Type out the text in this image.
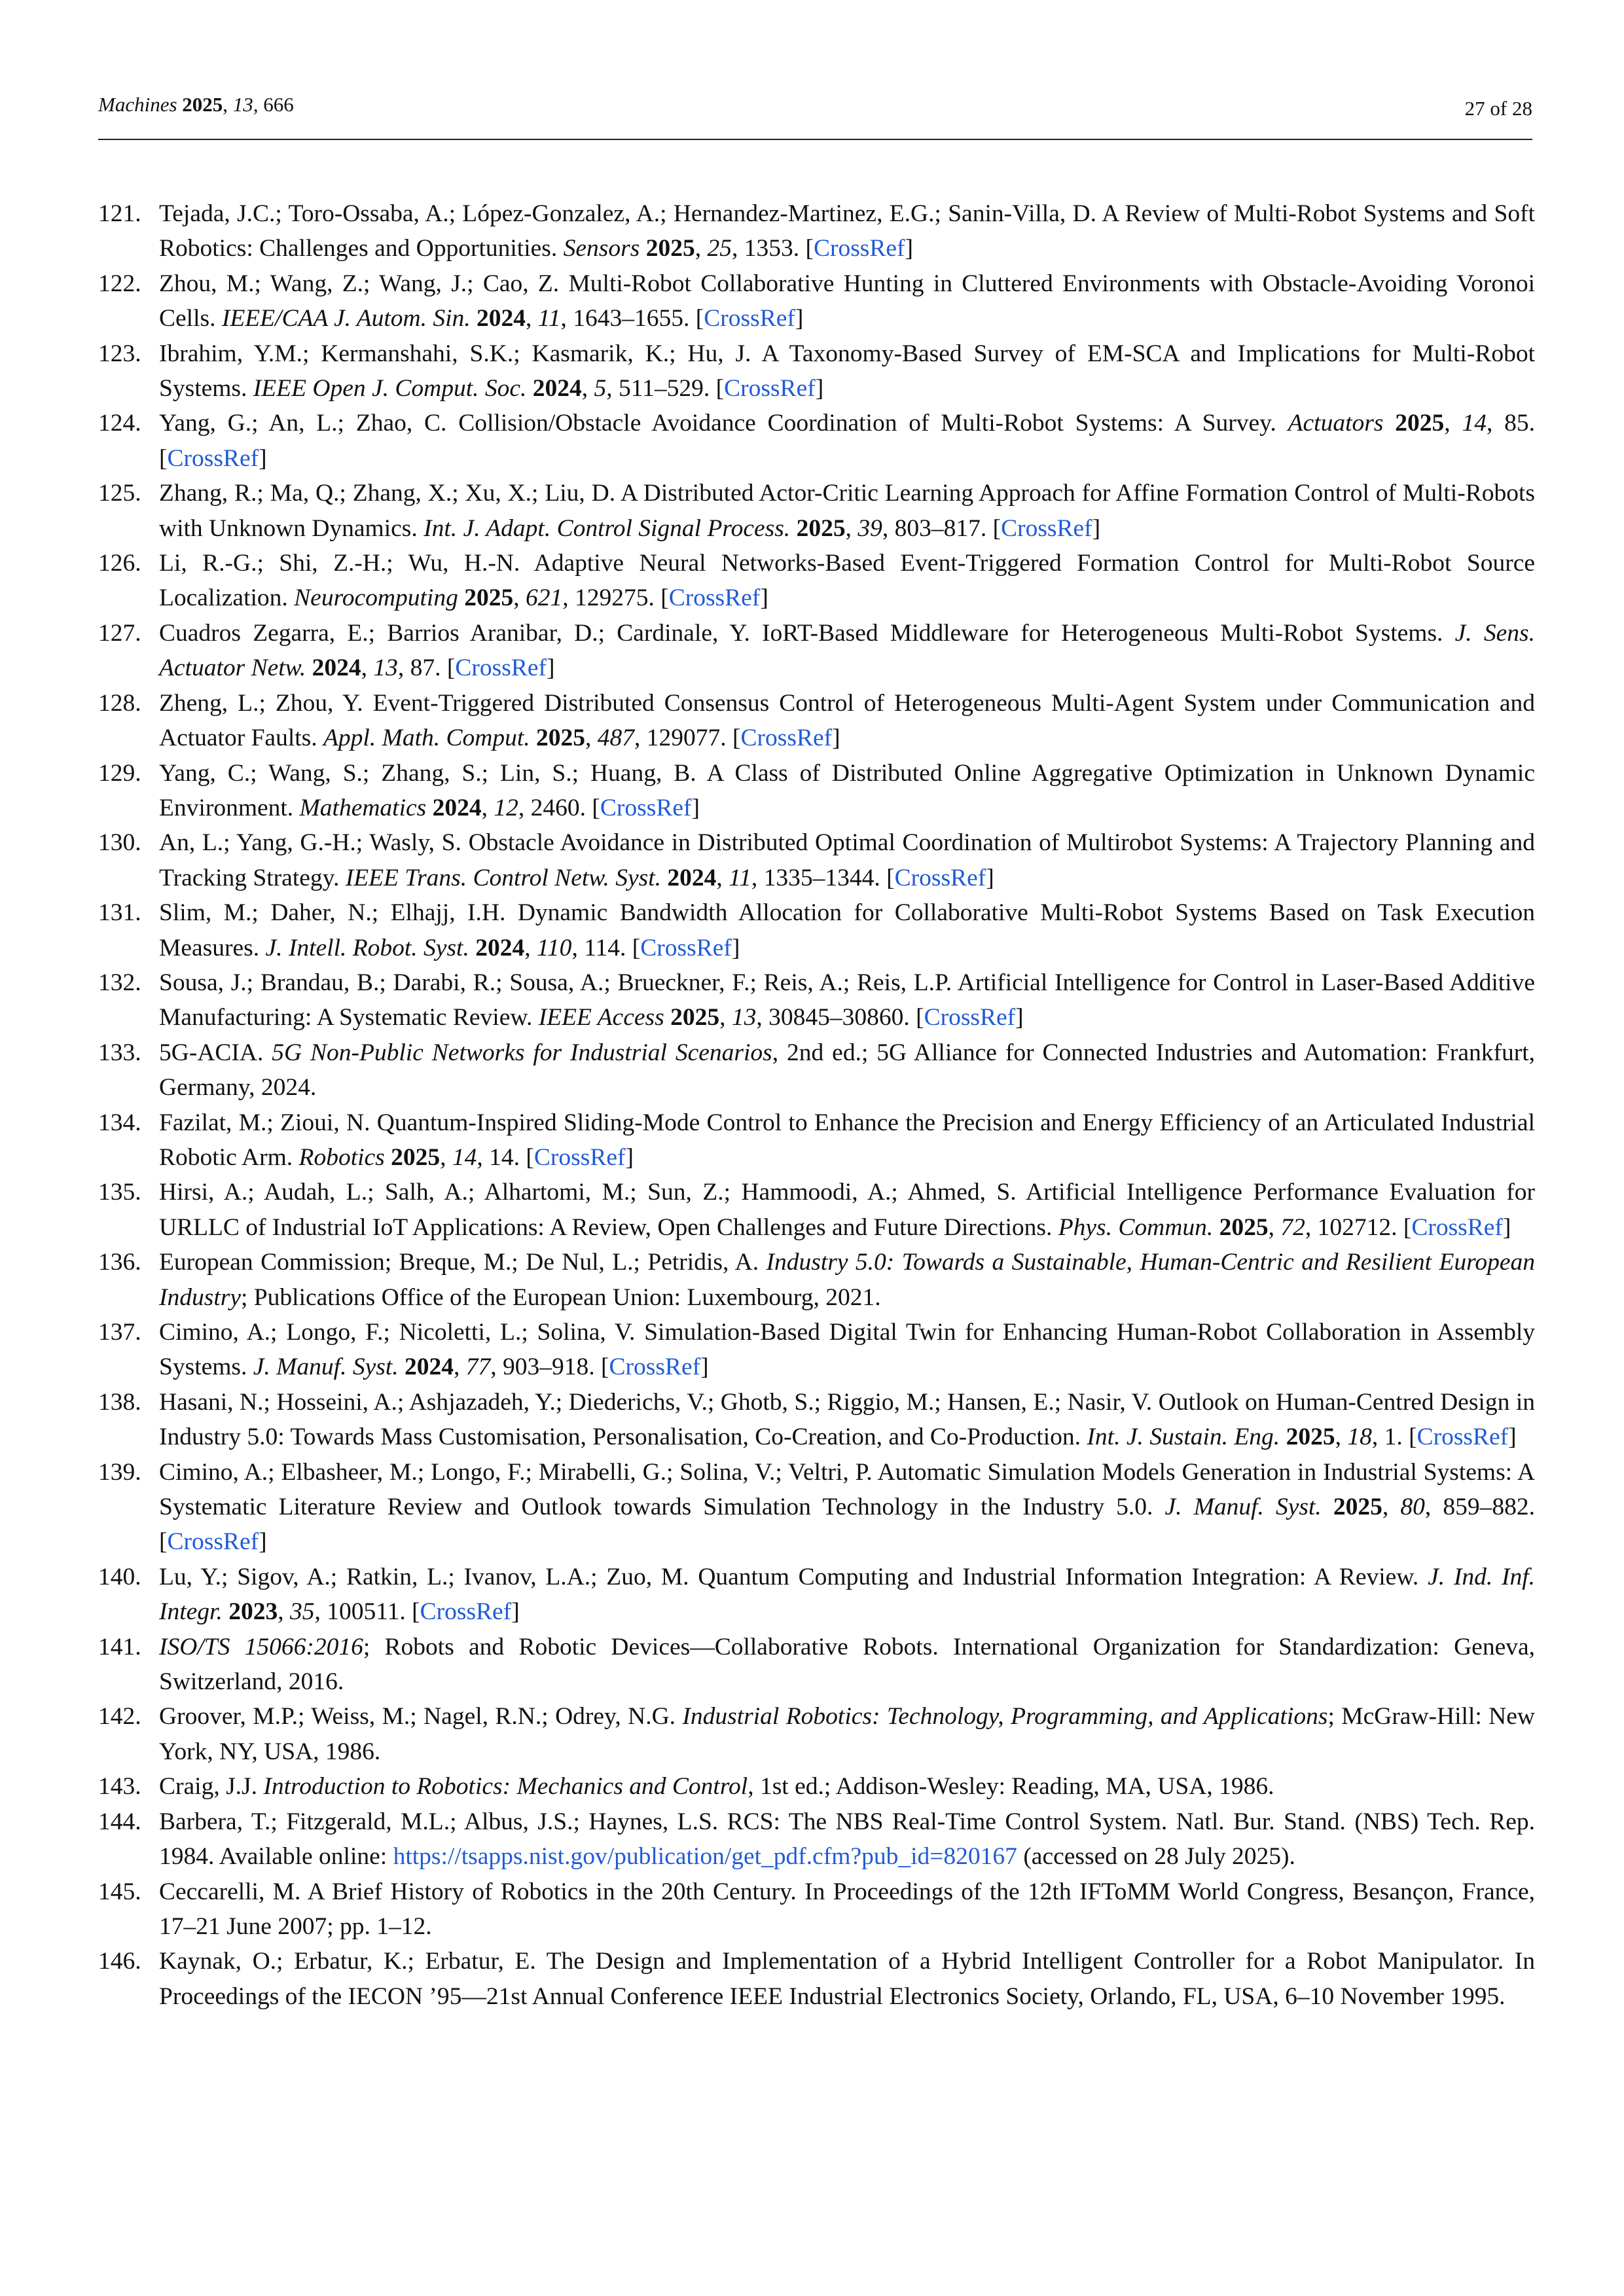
Machines 2025, 13, 666	27 of 28
121. Tejada, J.C.; Toro-Ossaba, A.; López-Gonzalez, A.; Hernandez-Martinez, E.G.; Sanin-Villa, D. A Review of Multi-Robot Systems and Soft Robotics: Challenges and Opportunities. Sensors 2025, 25, 1353. [CrossRef]
122. Zhou, M.; Wang, Z.; Wang, J.; Cao, Z. Multi-Robot Collaborative Hunting in Cluttered Environments with Obstacle-Avoiding Voronoi Cells. IEEE/CAA J. Autom. Sin. 2024, 11, 1643–1655. [CrossRef]
123. Ibrahim, Y.M.; Kermanshahi, S.K.; Kasmarik, K.; Hu, J. A Taxonomy-Based Survey of EM-SCA and Implications for Multi-Robot Systems. IEEE Open J. Comput. Soc. 2024, 5, 511–529. [CrossRef]
124. Yang, G.; An, L.; Zhao, C. Collision/Obstacle Avoidance Coordination of Multi-Robot Systems: A Survey. Actuators 2025, 14, 85. [CrossRef]
125. Zhang, R.; Ma, Q.; Zhang, X.; Xu, X.; Liu, D. A Distributed Actor-Critic Learning Approach for Affine Formation Control of Multi-Robots with Unknown Dynamics. Int. J. Adapt. Control Signal Process. 2025, 39, 803–817. [CrossRef]
126. Li, R.-G.; Shi, Z.-H.; Wu, H.-N. Adaptive Neural Networks-Based Event-Triggered Formation Control for Multi-Robot Source Localization. Neurocomputing 2025, 621, 129275. [CrossRef]
127. Cuadros Zegarra, E.; Barrios Aranibar, D.; Cardinale, Y. IoRT-Based Middleware for Heterogeneous Multi-Robot Systems. J. Sens. Actuator Netw. 2024, 13, 87. [CrossRef]
128. Zheng, L.; Zhou, Y. Event-Triggered Distributed Consensus Control of Heterogeneous Multi-Agent System under Communication and Actuator Faults. Appl. Math. Comput. 2025, 487, 129077. [CrossRef]
129. Yang, C.; Wang, S.; Zhang, S.; Lin, S.; Huang, B. A Class of Distributed Online Aggregative Optimization in Unknown Dynamic Environment. Mathematics 2024, 12, 2460. [CrossRef]
130. An, L.; Yang, G.-H.; Wasly, S. Obstacle Avoidance in Distributed Optimal Coordination of Multirobot Systems: A Trajectory Planning and Tracking Strategy. IEEE Trans. Control Netw. Syst. 2024, 11, 1335–1344. [CrossRef]
131. Slim, M.; Daher, N.; Elhajj, I.H. Dynamic Bandwidth Allocation for Collaborative Multi-Robot Systems Based on Task Execution Measures. J. Intell. Robot. Syst. 2024, 110, 114. [CrossRef]
132. Sousa, J.; Brandau, B.; Darabi, R.; Sousa, A.; Brueckner, F.; Reis, A.; Reis, L.P. Artificial Intelligence for Control in Laser-Based Additive Manufacturing: A Systematic Review. IEEE Access 2025, 13, 30845–30860. [CrossRef]
133. 5G-ACIA. 5G Non-Public Networks for Industrial Scenarios, 2nd ed.; 5G Alliance for Connected Industries and Automation: Frankfurt, Germany, 2024.
134. Fazilat, M.; Zioui, N. Quantum-Inspired Sliding-Mode Control to Enhance the Precision and Energy Efficiency of an Articulated Industrial Robotic Arm. Robotics 2025, 14, 14. [CrossRef]
135. Hirsi, A.; Audah, L.; Salh, A.; Alhartomi, M.; Sun, Z.; Hammoodi, A.; Ahmed, S. Artificial Intelligence Performance Evaluation for URLLC of Industrial IoT Applications: A Review, Open Challenges and Future Directions. Phys. Commun. 2025, 72, 102712. [CrossRef]
136. European Commission; Breque, M.; De Nul, L.; Petridis, A. Industry 5.0: Towards a Sustainable, Human-Centric and Resilient European Industry; Publications Office of the European Union: Luxembourg, 2021.
137. Cimino, A.; Longo, F.; Nicoletti, L.; Solina, V. Simulation-Based Digital Twin for Enhancing Human-Robot Collaboration in Assembly Systems. J. Manuf. Syst. 2024, 77, 903–918. [CrossRef]
138. Hasani, N.; Hosseini, A.; Ashjazadeh, Y.; Diederichs, V.; Ghotb, S.; Riggio, M.; Hansen, E.; Nasir, V. Outlook on Human-Centred Design in Industry 5.0: Towards Mass Customisation, Personalisation, Co-Creation, and Co-Production. Int. J. Sustain. Eng. 2025, 18, 1. [CrossRef]
139. Cimino, A.; Elbasheer, M.; Longo, F.; Mirabelli, G.; Solina, V.; Veltri, P. Automatic Simulation Models Generation in Industrial Systems: A Systematic Literature Review and Outlook towards Simulation Technology in the Industry 5.0. J. Manuf. Syst. 2025, 80, 859–882. [CrossRef]
140. Lu, Y.; Sigov, A.; Ratkin, L.; Ivanov, L.A.; Zuo, M. Quantum Computing and Industrial Information Integration: A Review. J. Ind. Inf. Integr. 2023, 35, 100511. [CrossRef]
141. ISO/TS 15066:2016; Robots and Robotic Devices—Collaborative Robots. International Organization for Standardization: Geneva, Switzerland, 2016.
142. Groover, M.P.; Weiss, M.; Nagel, R.N.; Odrey, N.G. Industrial Robotics: Technology, Programming, and Applications; McGraw-Hill: New York, NY, USA, 1986.
143. Craig, J.J. Introduction to Robotics: Mechanics and Control, 1st ed.; Addison-Wesley: Reading, MA, USA, 1986.
144. Barbera, T.; Fitzgerald, M.L.; Albus, J.S.; Haynes, L.S. RCS: The NBS Real-Time Control System. Natl. Bur. Stand. (NBS) Tech. Rep. 1984. Available online: https://tsapps.nist.gov/publication/get_pdf.cfm?pub_id=820167 (accessed on 28 July 2025).
145. Ceccarelli, M. A Brief History of Robotics in the 20th Century. In Proceedings of the 12th IFToMM World Congress, Besançon, France, 17–21 June 2007; pp. 1–12.
146. Kaynak, O.; Erbatur, K.; Erbatur, E. The Design and Implementation of a Hybrid Intelligent Controller for a Robot Manipulator. In Proceedings of the IECON ’95—21st Annual Conference IEEE Industrial Electronics Society, Orlando, FL, USA, 6–10 November 1995.
